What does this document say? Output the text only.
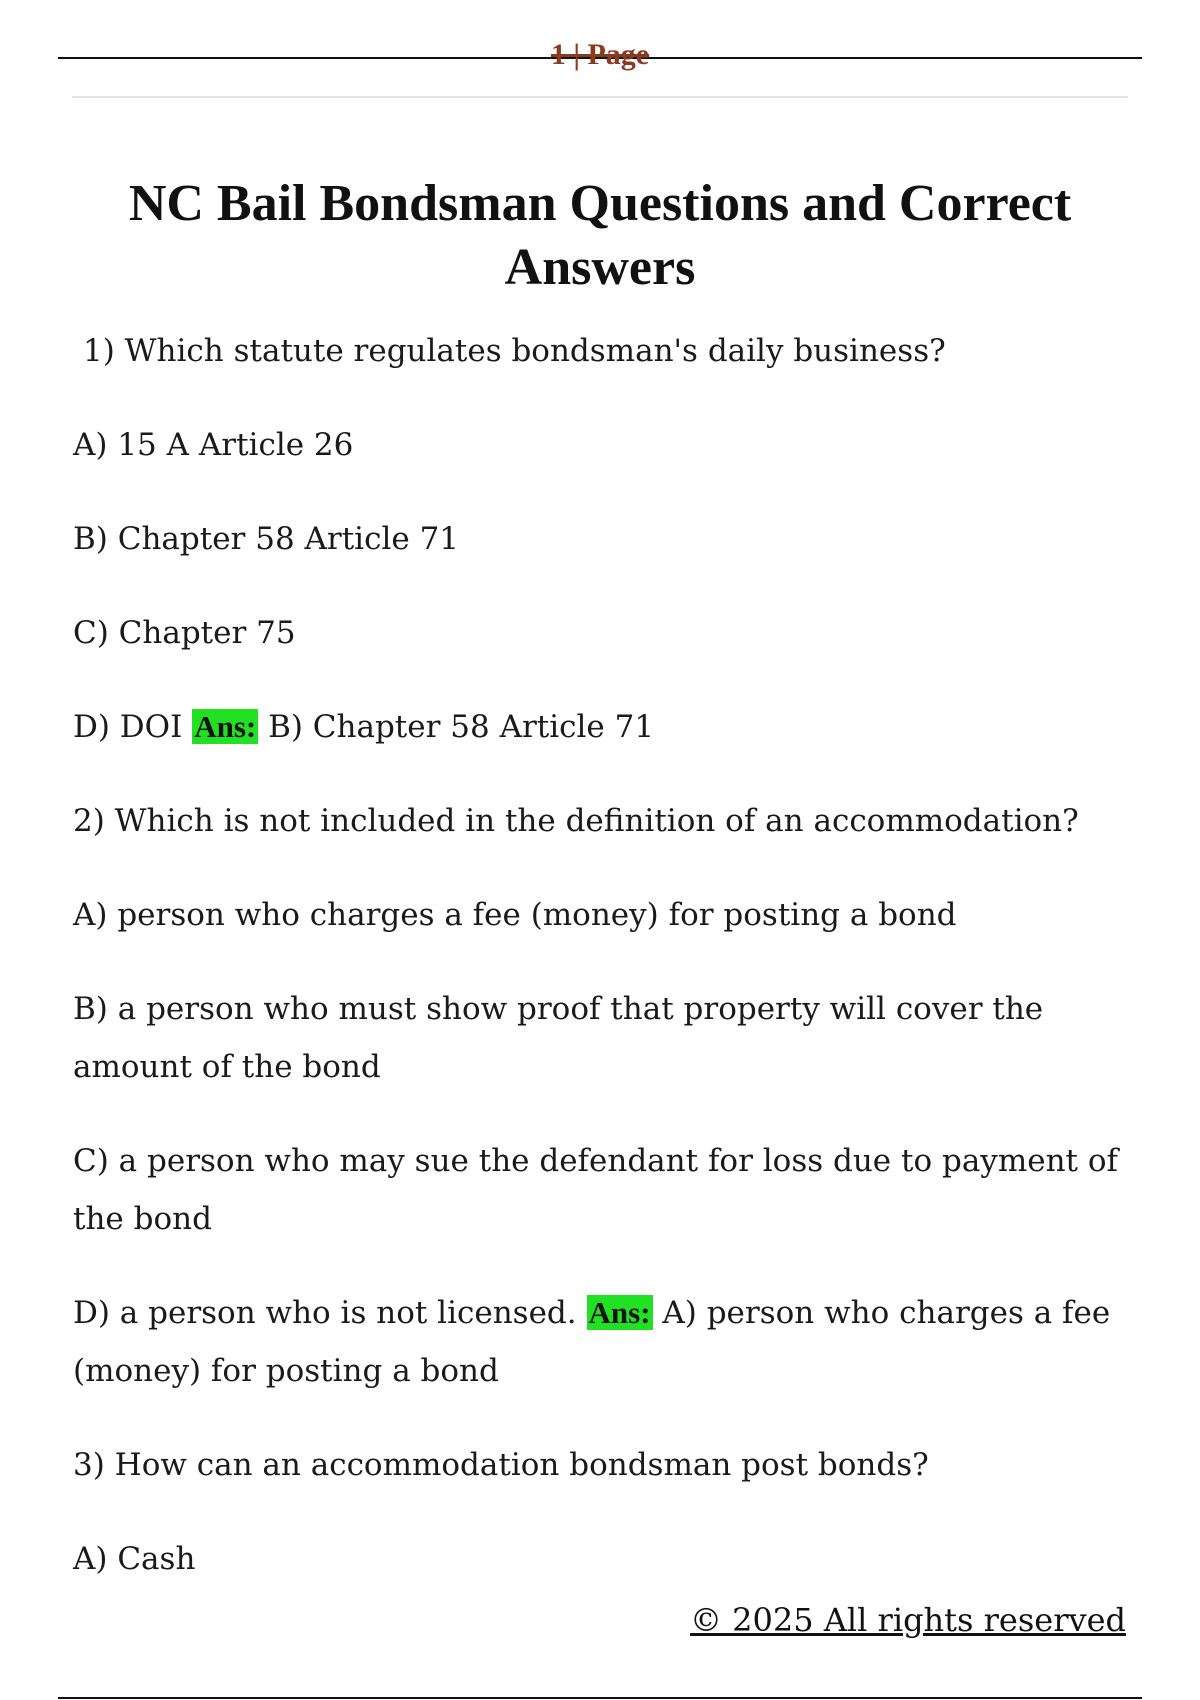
1 | Page
NC Bail Bondsman Questions and Correct Answers

1) Which statute regulates bondsman's daily business?

A) 15 A Article 26

B) Chapter 58 Article 71

C) Chapter 75

D) DOI Ans: B) Chapter 58 Article 71

2) Which is not included in the definition of an accommodation?

A) person who charges a fee (money) for posting a bond

B) a person who must show proof that property will cover the amount of the bond

C) a person who may sue the defendant for loss due to payment of the bond

D) a person who is not licensed. Ans: A) person who charges a fee (money) for posting a bond

3) How can an accommodation bondsman post bonds?

A) Cash

© 2025 All rights reserved
